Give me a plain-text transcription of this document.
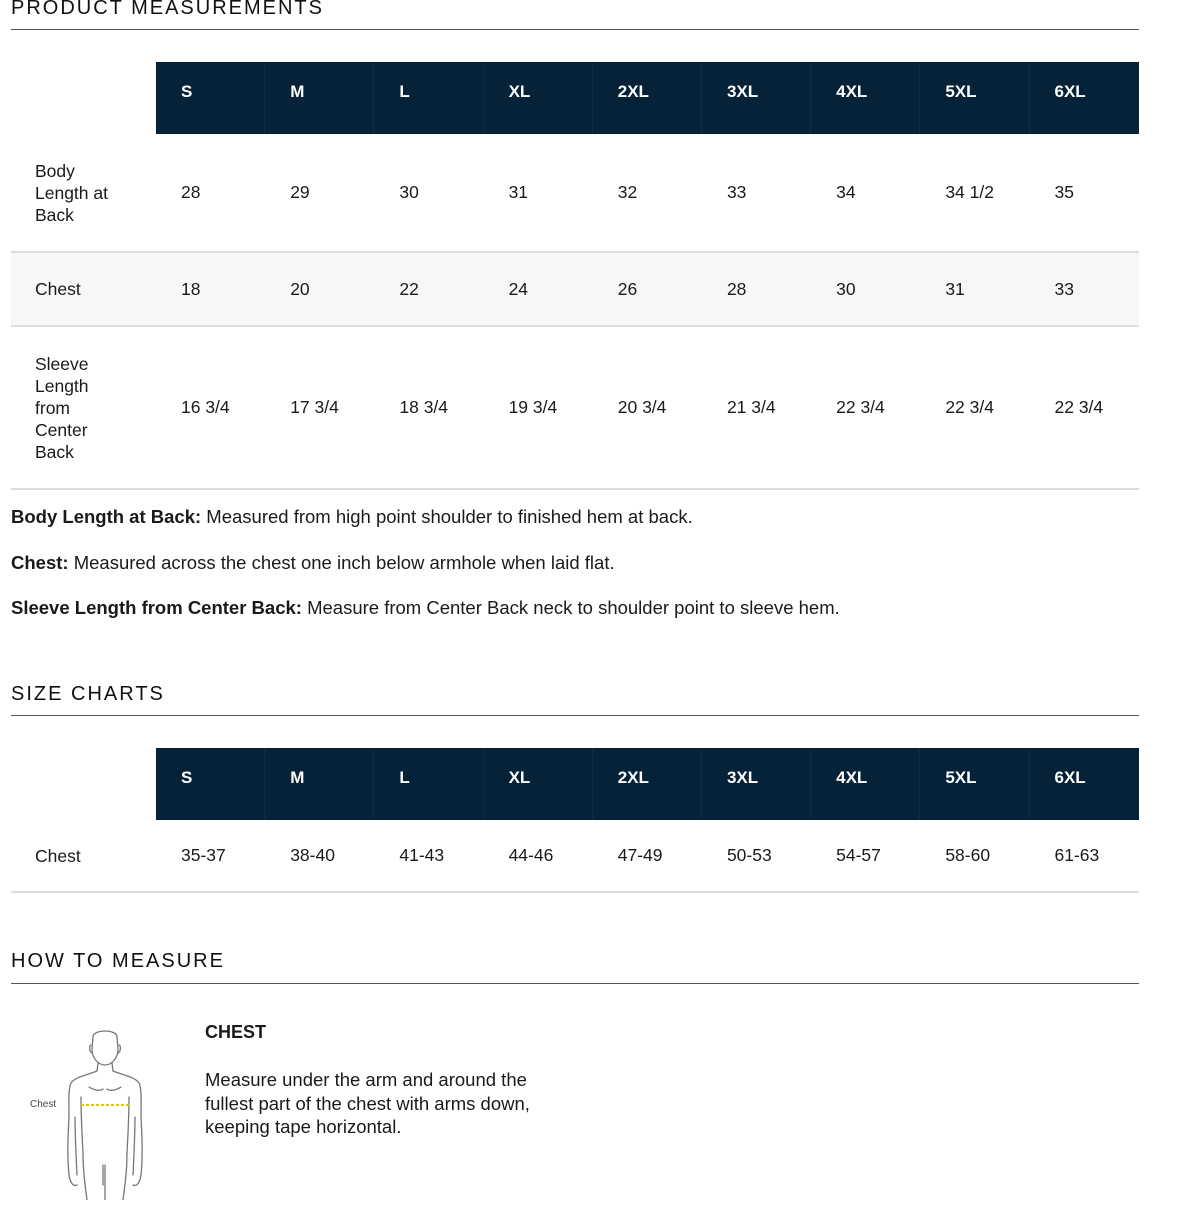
PRODUCT MEASUREMENTS
S	M	L	XL	2XL	3XL	4XL	5XL	6XL
Body Length at Back
28	29	30	31	32	33	34	34 1/2	35
Chest	18	20	22	24	26	28	30	31	33
Sleeve Length from Center Back
16 3/4	17 3/4	18 3/4	19 3/4	20 3/4	21 3/4	22 3/4	22 3/4	22 3/4

Body Length at Back: Measured from high point shoulder to finished hem at back.

Chest: Measured across the chest one inch below armhole when laid flat.

Sleeve Length from Center Back: Measure from Center Back neck to shoulder point to sleeve hem.

SIZE CHARTS
S	M	L	XL	2XL	3XL	4XL	5XL	6XL
Chest	35-37	38-40	41-43	44-46	47-49	50-53	54-57	58-60	61-63
HOW TO MEASURE
Chest
CHEST

Measure under the arm and around the fullest part of the chest with arms down, keeping tape horizontal.
